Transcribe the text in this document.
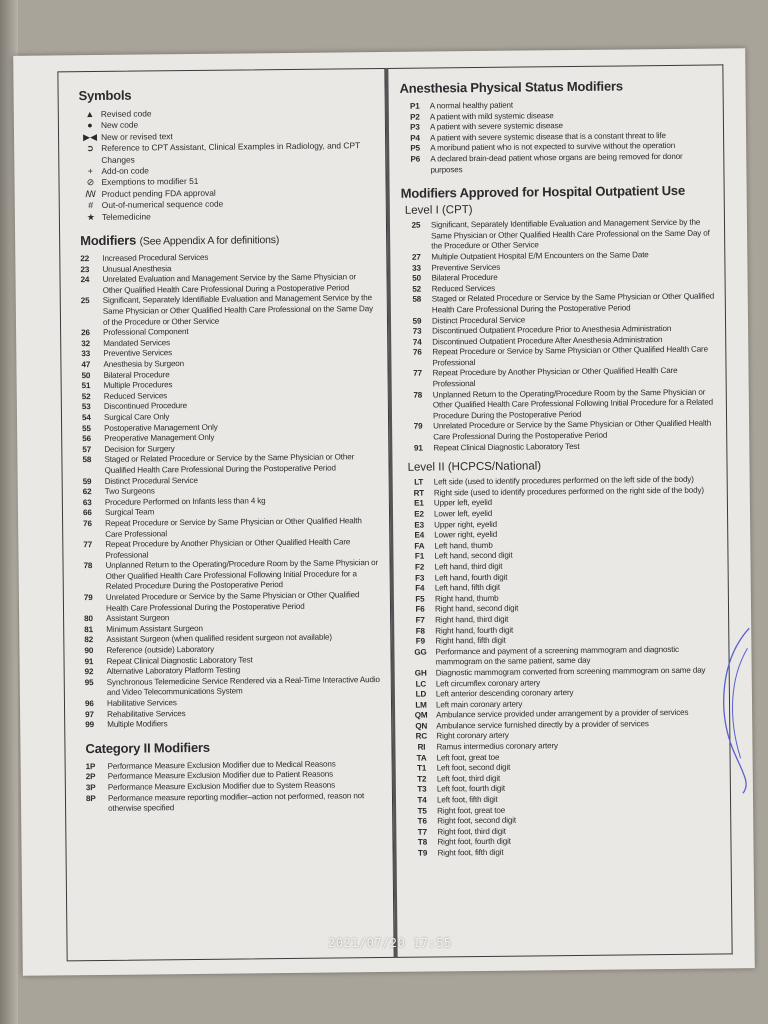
Symbols
▲ Revised code
● New code
▶◀ New or revised text
➲ Reference to CPT Assistant, Clinical Examples in Radiology, and CPT Changes
+ Add-on code
⊘ Exemptions to modifier 51
ꟿ Product pending FDA approval
# Out-of-numerical sequence code
★ Telemedicine
Modifiers (See Appendix A for definitions)
22	Increased Procedural Services
23	Unusual Anesthesia
24	Unrelated Evaluation and Management Service by the Same Physician or Other Qualified Health Care Professional During a Postoperative Period
25	Significant, Separately Identifiable Evaluation and Management Service by the Same Physician or Other Qualified Health Care Professional on the Same Day of the Procedure or Other Service
26	Professional Component
32	Mandated Services
33	Preventive Services
47	Anesthesia by Surgeon
50	Bilateral Procedure
51	Multiple Procedures
52	Reduced Services
53	Discontinued Procedure
54	Surgical Care Only
55	Postoperative Management Only
56	Preoperative Management Only
57	Decision for Surgery
58	Staged or Related Procedure or Service by the Same Physician or Other Qualified Health Care Professional During the Postoperative Period
59	Distinct Procedural Service
62	Two Surgeons
63	Procedure Performed on Infants less than 4 kg
66	Surgical Team
76	Repeat Procedure or Service by Same Physician or Other Qualified Health Care Professional
77	Repeat Procedure by Another Physician or Other Qualified Health Care Professional
78	Unplanned Return to the Operating/Procedure Room by the Same Physician or Other Qualified Health Care Professional Following Initial Procedure for a Related Procedure During the Postoperative Period
79	Unrelated Procedure or Service by the Same Physician or Other Qualified Health Care Professional During the Postoperative Period
80	Assistant Surgeon
81	Minimum Assistant Surgeon
82	Assistant Surgeon (when qualified resident surgeon not available)
90	Reference (outside) Laboratory
91	Repeat Clinical Diagnostic Laboratory Test
92	Alternative Laboratory Platform Testing
95	Synchronous Telemedicine Service Rendered via a Real-Time Interactive Audio and Video Telecommunications System
96	Habilitative Services
97	Rehabilitative Services
99	Multiple Modifiers
Category II Modifiers
1P	Performance Measure Exclusion Modifier due to Medical Reasons
2P	Performance Measure Exclusion Modifier due to Patient Reasons
3P	Performance Measure Exclusion Modifier due to System Reasons
8P	Performance measure reporting modifier–action not performed, reason not otherwise specified
Anesthesia Physical Status Modifiers
P1	A normal healthy patient
P2	A patient with mild systemic disease
P3	A patient with severe systemic disease
P4	A patient with severe systemic disease that is a constant threat to life
P5	A moribund patient who is not expected to survive without the operation
P6	A declared brain-dead patient whose organs are being removed for donor purposes
Modifiers Approved for Hospital Outpatient Use
Level I (CPT)
25	Significant, Separately Identifiable Evaluation and Management Service by the Same Physician or Other Qualified Health Care Professional on the Same Day of the Procedure or Other Service
27	Multiple Outpatient Hospital E/M Encounters on the Same Date
33	Preventive Services
50	Bilateral Procedure
52	Reduced Services
58	Staged or Related Procedure or Service by the Same Physician or Other Qualified Health Care Professional During the Postoperative Period
59	Distinct Procedural Service
73	Discontinued Outpatient Procedure Prior to Anesthesia Administration
74	Discontinued Outpatient Procedure After Anesthesia Administration
76	Repeat Procedure or Service by Same Physician or Other Qualified Health Care Professional
77	Repeat Procedure by Another Physician or Other Qualified Health Care Professional
78	Unplanned Return to the Operating/Procedure Room by the Same Physician or Other Qualified Health Care Professional Following Initial Procedure for a Related Procedure During the Postoperative Period
79	Unrelated Procedure or Service by the Same Physician or Other Qualified Health Care Professional During the Postoperative Period
91	Repeat Clinical Diagnostic Laboratory Test
Level II (HCPCS/National)
LT	Left side (used to identify procedures performed on the left side of the body)
RT	Right side (used to identify procedures performed on the right side of the body)
E1	Upper left, eyelid
E2	Lower left, eyelid
E3	Upper right, eyelid
E4	Lower right, eyelid
FA	Left hand, thumb
F1	Left hand, second digit
F2	Left hand, third digit
F3	Left hand, fourth digit
F4	Left hand, fifth digit
F5	Right hand, thumb
F6	Right hand, second digit
F7	Right hand, third digit
F8	Right hand, fourth digit
F9	Right hand, fifth digit
GG	Performance and payment of a screening mammogram and diagnostic mammogram on the same patient, same day
GH	Diagnostic mammogram converted from screening mammogram on same day
LC	Left circumflex coronary artery
LD	Left anterior descending coronary artery
LM	Left main coronary artery
QM	Ambulance service provided under arrangement by a provider of services
QN	Ambulance service furnished directly by a provider of services
RC	Right coronary artery
RI	Ramus intermedius coronary artery
TA	Left foot, great toe
T1	Left foot, second digit
T2	Left foot, third digit
T3	Left foot, fourth digit
T4	Left foot, fifth digit
T5	Right foot, great toe
T6	Right foot, second digit
T7	Right foot, third digit
T8	Right foot, fourth digit
T9	Right foot, fifth digit
2021/07/20 17:55
